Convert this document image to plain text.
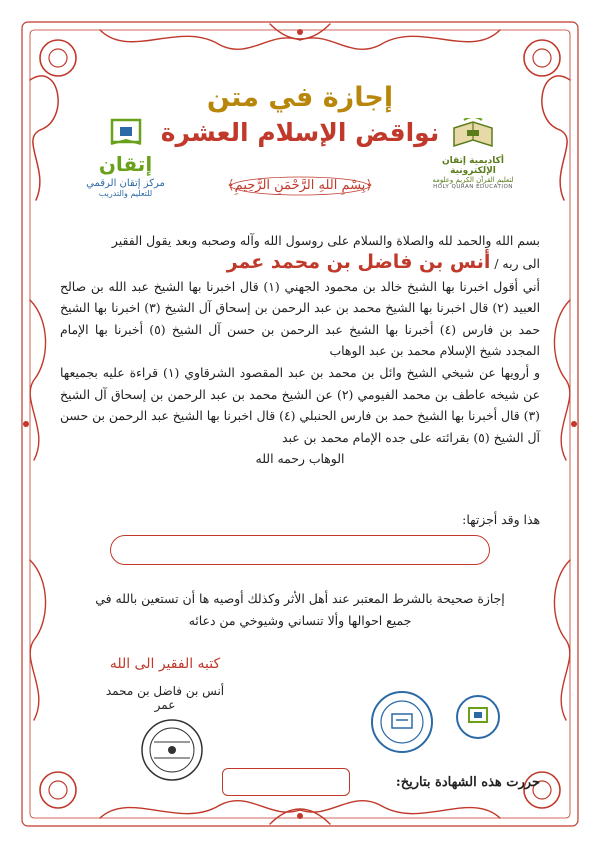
إتقان
مركز إتقان الرقمي
للتعليم والتدريب
أكاديمية إتقان الإلكترونية
لتعليم القرآن الكريم وعلومه
HOLY QURAN EDUCATION
إجازة في متن
نواقض الإسلام العشرة
﴿بِسْمِ اللهِ الرَّحْمَنِ الرَّحِيمِ﴾

بسم الله والحمد لله والصلاة والسلام على روسول الله وآله وصحبه وبعد يقول الفقير

الى ربه / أنس بن فاضل بن محمد عمر

أني أقول اخبرنا بها الشيخ خالد بن محمود الجهني (١) قال اخبرنا بها الشيخ عبد الله بن صالح العبيد (٢) قال اخبرنا بها الشيخ محمد بن عبد الرحمن بن إسحاق آل الشيخ (٣) اخبرنا بها الشيخ حمد بن فارس (٤) أخبرنا بها الشيخ عبد الرحمن بن حسن آل الشيخ (٥) أخبرنا بها الإمام المجدد شيخ الإسلام محمد بن عبد الوهاب

و أرويها عن شيخي الشيخ وائل بن محمد بن عبد المقصود الشرقاوي (١) قراءة عليه بجميعها عن شيخه عاطف بن محمد الفيومي (٢) عن الشيخ محمد بن عبد الرحمن بن إسحاق آل الشيخ (٣) قال أخبرنا بها الشيخ حمد بن فارس الحنبلي (٤) قال اخبرنا بها الشيخ عبد الرحمن بن حسن آل الشيخ (٥) بقرائته على جده الإمام محمد بن عبد

الوهاب رحمه الله

هذا وقد أجزتها:

إجازة صحيحة بالشرط المعتبر عند أهل الأثر وكذلك أوصيه ها أن تستعين بالله في

جميع احوالها وألا تنساني وشيوخي من دعائه

كتبه الفقير الى الله
أنس بن فاضل بن محمد عمر
حررت هذه الشهادة بتاريخ:
